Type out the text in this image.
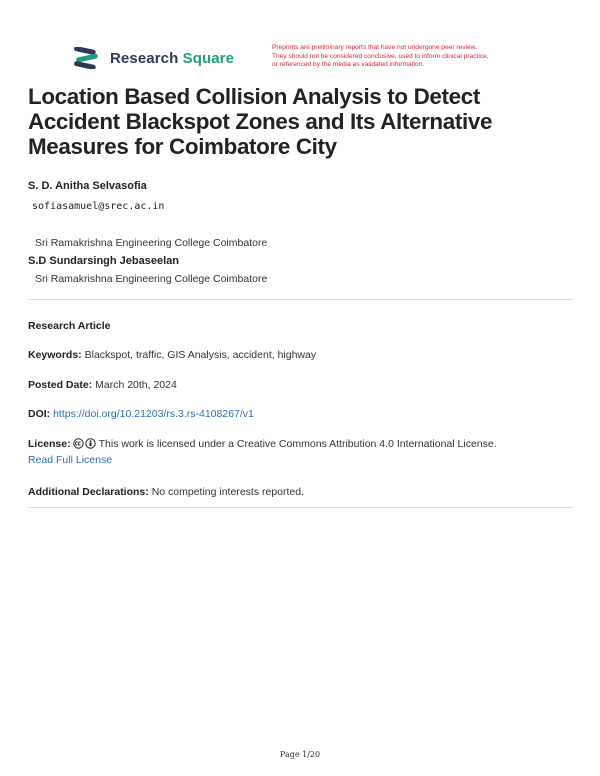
Research Square
Preprints are preliminary reports that have not undergone peer review.
They should not be considered conclusive, used to inform clinical practice,
or referenced by the media as validated information.
Location Based Collision Analysis to Detect Accident Blackspot Zones and Its Alternative Measures for Coimbatore City
S. D. Anitha Selvasofia
sofiasamuel@srec.ac.in
Sri Ramakrishna Engineering College Coimbatore
S.D Sundarsingh Jebaseelan
Sri Ramakrishna Engineering College Coimbatore
Research Article
Keywords: Blackspot, traffic, GIS Analysis, accident, highway
Posted Date: March 20th, 2024
DOI: https://doi.org/10.21203/rs.3.rs-4108267/v1
License:	This work is licensed under a Creative Commons Attribution 4.0 International License.
Read Full License
Additional Declarations: No competing interests reported.
Page 1/20
